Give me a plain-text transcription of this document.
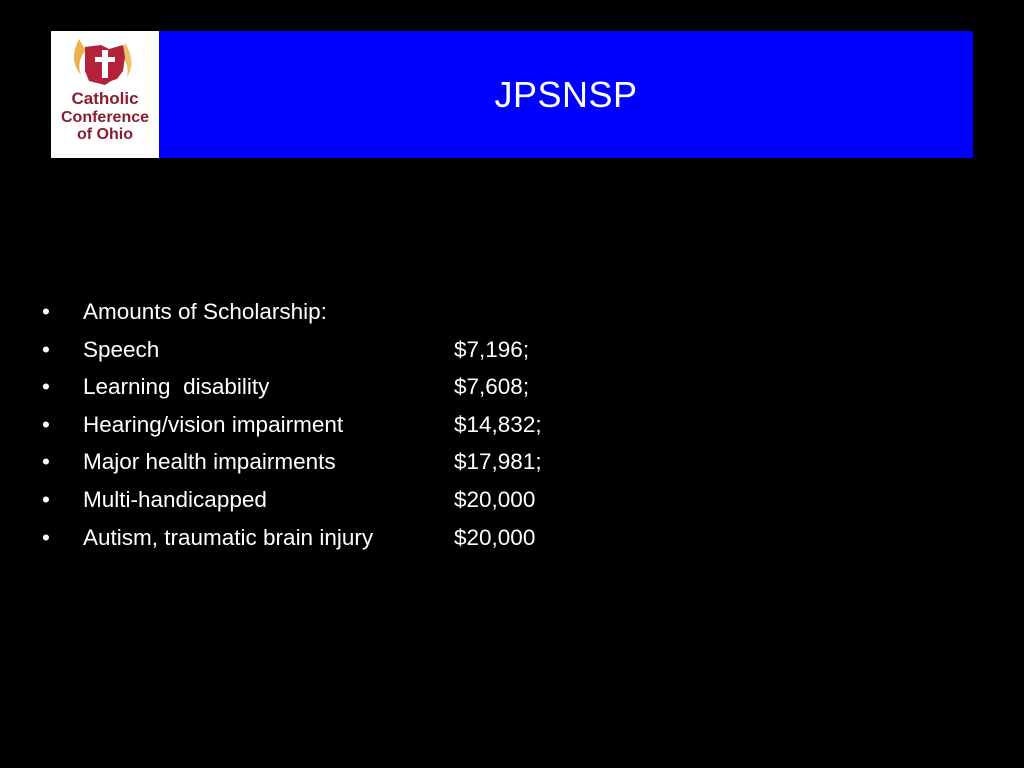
Catholic
Conference
of Ohio
JPSNSP
•	Amounts of Scholarship:
•	Speech	$7,196;
•	Learning  disability	$7,608;
•	Hearing/vision impairment	$14,832;
•	Major health impairments	$17,981;
•	Multi-handicapped	$20,000
•	Autism, traumatic brain injury	$20,000
